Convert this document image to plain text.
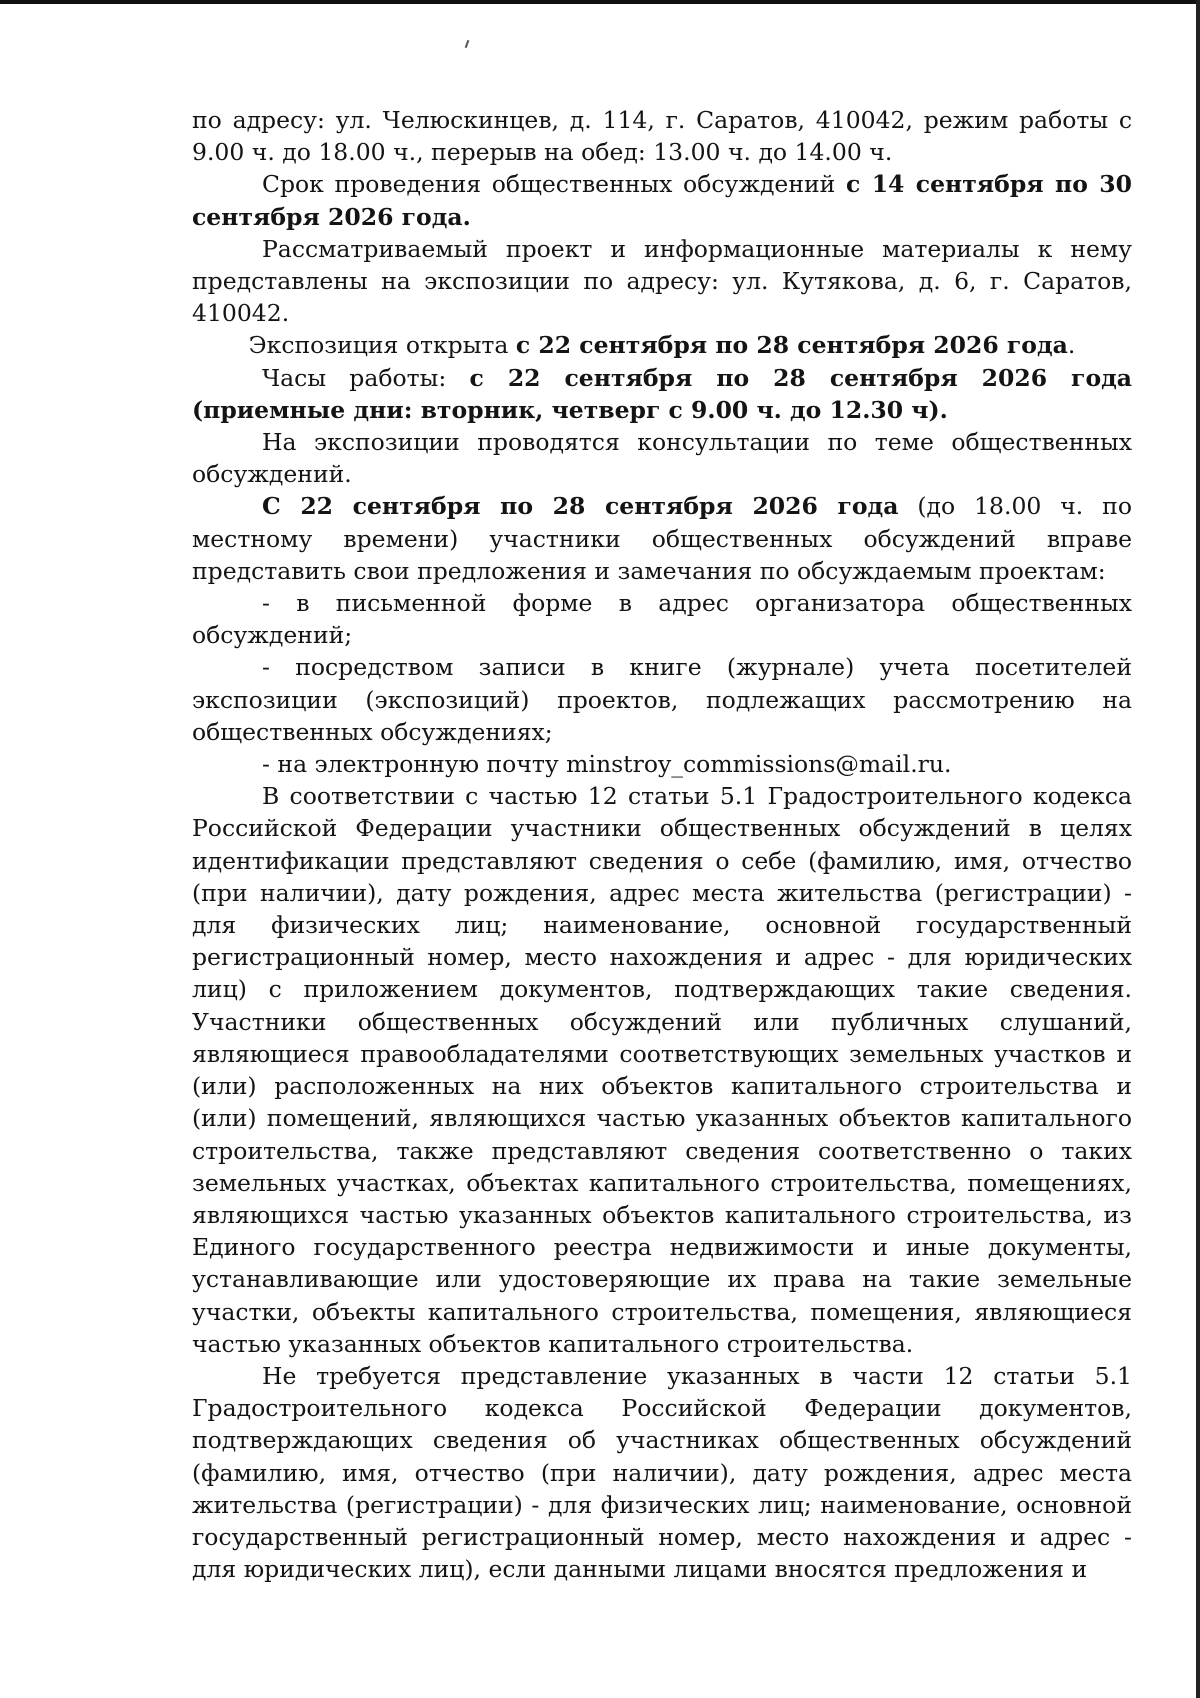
по адресу: ул. Челюскинцев, д. 114, г. Саратов, 410042, режим работы с 9.00 ч. до 18.00 ч., перерыв на обед: 13.00 ч. до 14.00 ч.

Срок проведения общественных обсуждений с 14 сентября по 30 сентября 2026 года.

Рассматриваемый проект и информационные материалы к нему представлены на экспозиции по адресу: ул. Кутякова, д. 6, г. Саратов, 410042.

Экспозиция открыта с 22 сентября по 28 сентября 2026 года.

Часы работы: с 22 сентября по 28 сентября 2026 года (приемные дни: вторник, четверг с 9.00 ч. до 12.30 ч).

На экспозиции проводятся консультации по теме общественных обсуждений.

С 22 сентября по 28 сентября 2026 года (до 18.00 ч. по местному времени) участники общественных обсуждений вправе представить свои предложения и замечания по обсуждаемым проектам:

- в письменной форме в адрес организатора общественных обсуждений;

- посредством записи в книге (журнале) учета посетителей экспозиции (экспозиций) проектов, подлежащих рассмотрению на общественных обсуждениях;

- на электронную почту minstroy_commissions@mail.ru.

В соответствии с частью 12 статьи 5.1 Градостроительного кодекса Российской Федерации участники общественных обсуждений в целях идентификации представляют сведения о себе (фамилию, имя, отчество (при наличии), дату рождения, адрес места жительства (регистрации) - для физических лиц; наименование, основной государственный регистрационный номер, место нахождения и адрес - для юридических лиц) с приложением документов, подтверждающих такие сведения. Участники общественных обсуждений или публичных слушаний, являющиеся правообладателями соответствующих земельных участков и (или) расположенных на них объектов капитального строительства и (или) помещений, являющихся частью указанных объектов капитального строительства, также представляют сведения соответственно о таких земельных участках, объектах капитального строительства, помещениях, являющихся частью указанных объектов капитального строительства, из Единого государственного реестра недвижимости и иные документы, устанавливающие или удостоверяющие их права на такие земельные участки, объекты капитального строительства, помещения, являющиеся частью указанных объектов капитального строительства.

Не требуется представление указанных в части 12 статьи 5.1 Градостроительного кодекса Российской Федерации документов, подтверждающих сведения об участниках общественных обсуждений (фамилию, имя, отчество (при наличии), дату рождения, адрес места жительства (регистрации) - для физических лиц; наименование, основной государственный регистрационный номер, место нахождения и адрес - для юридических лиц), если данными лицами вносятся предложения и
